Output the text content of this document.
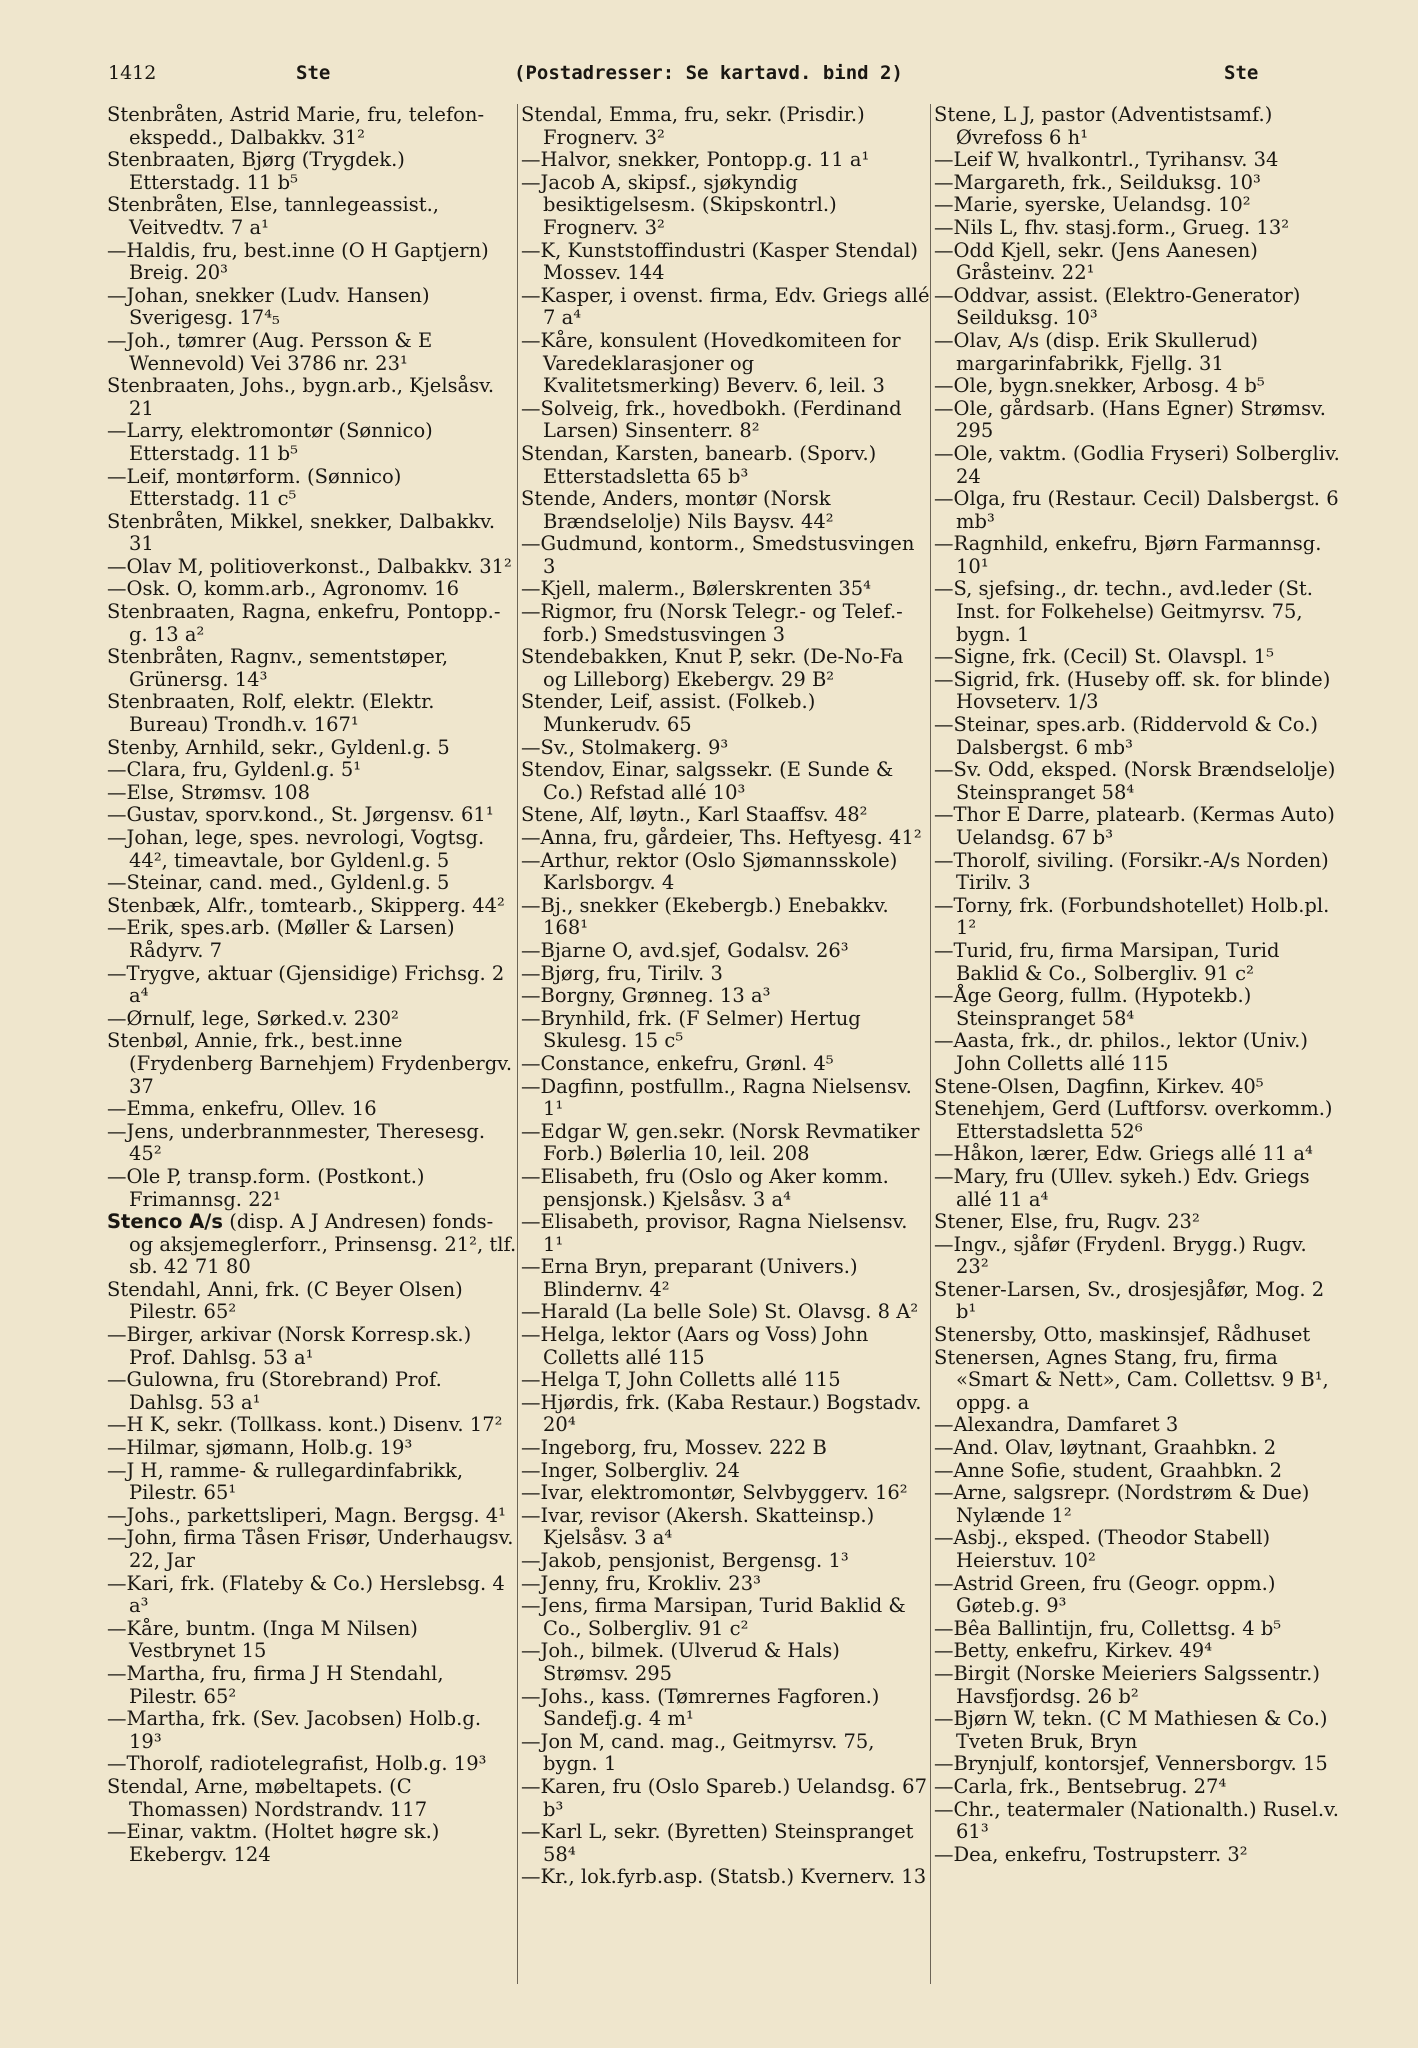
1412	Ste	(Postadresser: Se kartavd. bind 2)	Ste

Stenbråten, Astrid Marie, fru, telefon-ekspedd., Dalbakkv. 31²

Stenbraaten, Bjørg (Trygdek.) Etterstadg. 11 b⁵

Stenbråten, Else, tannlegeassist., Veitvedtv. 7 a¹

—Haldis, fru, best.inne (O H Gaptjern) Breig. 20³

—Johan, snekker (Ludv. Hansen) Sverigesg. 17⁴₅

—Joh., tømrer (Aug. Persson & E Wennevold) Vei 3786 nr. 23¹

Stenbraaten, Johs., bygn.arb., Kjelsåsv. 21

—Larry, elektromontør (Sønnico) Etterstadg. 11 b⁵

—Leif, montørform. (Sønnico) Etterstadg. 11 c⁵

Stenbråten, Mikkel, snekker, Dalbakkv. 31

—Olav M, politioverkonst., Dalbakkv. 31²

—Osk. O, komm.arb., Agronomv. 16

Stenbraaten, Ragna, enkefru, Pontopp.-g. 13 a²

Stenbråten, Ragnv., sementstøper, Grünersg. 14³

Stenbraaten, Rolf, elektr. (Elektr. Bureau) Trondh.v. 167¹

Stenby, Arnhild, sekr., Gyldenl.g. 5

—Clara, fru, Gyldenl.g. 5¹

—Else, Strømsv. 108

—Gustav, sporv.kond., St. Jørgensv. 61¹

—Johan, lege, spes. nevrologi, Vogtsg. 44², timeavtale, bor Gyldenl.g. 5

—Steinar, cand. med., Gyldenl.g. 5

Stenbæk, Alfr., tomtearb., Skipperg. 44²

—Erik, spes.arb. (Møller & Larsen) Rådyrv. 7

—Trygve, aktuar (Gjensidige) Frichsg. 2 a⁴

—Ørnulf, lege, Sørked.v. 230²

Stenbøl, Annie, frk., best.inne (Frydenberg Barnehjem) Frydenbergv. 37

—Emma, enkefru, Ollev. 16

—Jens, underbrannmester, Theresesg. 45²

—Ole P, transp.form. (Postkont.) Frimannsg. 22¹

Stenco A/s (disp. A J Andresen) fonds- og aksjemeglerforr., Prinsensg. 21², tlf. sb. 42 71 80

Stendahl, Anni, frk. (C Beyer Olsen) Pilestr. 65²

—Birger, arkivar (Norsk Korresp.sk.) Prof. Dahlsg. 53 a¹

—Gulowna, fru (Storebrand) Prof. Dahlsg. 53 a¹

—H K, sekr. (Tollkass. kont.) Disenv. 17²

—Hilmar, sjømann, Holb.g. 19³

—J H, ramme- & rullegardinfabrikk, Pilestr. 65¹

—Johs., parkettsliperi, Magn. Bergsg. 4¹

—John, firma Tåsen Frisør, Underhaugsv. 22, Jar

—Kari, frk. (Flateby & Co.) Herslebsg. 4 a³

—Kåre, buntm. (Inga M Nilsen) Vestbrynet 15

—Martha, fru, firma J H Stendahl, Pilestr. 65²

—Martha, frk. (Sev. Jacobsen) Holb.g. 19³

—Thorolf, radiotelegrafist, Holb.g. 19³

Stendal, Arne, møbeltapets. (C Thomassen) Nordstrandv. 117

—Einar, vaktm. (Holtet høgre sk.) Ekebergv. 124

Stendal, Emma, fru, sekr. (Prisdir.) Frognerv. 3²

—Halvor, snekker, Pontopp.g. 11 a¹

—Jacob A, skipsf., sjøkyndig besiktigelsesm. (Skipskontrl.) Frognerv. 3²

—K, Kunststoffindustri (Kasper Stendal) Mossev. 144

—Kasper, i ovenst. firma, Edv. Griegs allé 7 a⁴

—Kåre, konsulent (Hovedkomiteen for Varedeklarasjoner og Kvalitetsmerking) Beverv. 6, leil. 3

—Solveig, frk., hovedbokh. (Ferdinand Larsen) Sinsenterr. 8²

Stendan, Karsten, banearb. (Sporv.) Etterstadsletta 65 b³

Stende, Anders, montør (Norsk Brændselolje) Nils Baysv. 44²

—Gudmund, kontorm., Smedstusvingen 3

—Kjell, malerm., Bølerskrenten 35⁴

—Rigmor, fru (Norsk Telegr.- og Telef.-forb.) Smedstusvingen 3

Stendebakken, Knut P, sekr. (De-No-Fa og Lilleborg) Ekebergv. 29 B²

Stender, Leif, assist. (Folkeb.) Munkerudv. 65

—Sv., Stolmakerg. 9³

Stendov, Einar, salgssekr. (E Sunde & Co.) Refstad allé 10³

Stene, Alf, løytn., Karl Staaffsv. 48²

—Anna, fru, gårdeier, Ths. Heftyesg. 41²

—Arthur, rektor (Oslo Sjømannsskole) Karlsborgv. 4

—Bj., snekker (Ekebergb.) Enebakkv. 168¹

—Bjarne O, avd.sjef, Godalsv. 26³

—Bjørg, fru, Tirilv. 3

—Borgny, Grønneg. 13 a³

—Brynhild, frk. (F Selmer) Hertug Skulesg. 15 c⁵

—Constance, enkefru, Grønl. 4⁵

—Dagfinn, postfullm., Ragna Nielsensv. 1¹

—Edgar W, gen.sekr. (Norsk Revmatiker Forb.) Bølerlia 10, leil. 208

—Elisabeth, fru (Oslo og Aker komm. pensjonsk.) Kjelsåsv. 3 a⁴

—Elisabeth, provisor, Ragna Nielsensv. 1¹

—Erna Bryn, preparant (Univers.) Blindernv. 4²

—Harald (La belle Sole) St. Olavsg. 8 A²

—Helga, lektor (Aars og Voss) John Colletts allé 115

—Helga T, John Colletts allé 115

—Hjørdis, frk. (Kaba Restaur.) Bogstadv. 20⁴

—Ingeborg, fru, Mossev. 222 B

—Inger, Solbergliv. 24

—Ivar, elektromontør, Selvbyggerv. 16²

—Ivar, revisor (Akersh. Skatteinsp.) Kjelsåsv. 3 a⁴

—Jakob, pensjonist, Bergensg. 1³

—Jenny, fru, Krokliv. 23³

—Jens, firma Marsipan, Turid Baklid & Co., Solbergliv. 91 c²

—Joh., bilmek. (Ulverud & Hals) Strømsv. 295

—Johs., kass. (Tømrernes Fagforen.) Sandefj.g. 4 m¹

—Jon M, cand. mag., Geitmyrsv. 75, bygn. 1

—Karen, fru (Oslo Spareb.) Uelandsg. 67 b³

—Karl L, sekr. (Byretten) Steinspranget 58⁴

—Kr., lok.fyrb.asp. (Statsb.) Kvernerv. 13

Stene, L J, pastor (Adventistsamf.) Øvrefoss 6 h¹

—Leif W, hvalkontrl., Tyrihansv. 34

—Margareth, frk., Seilduksg. 10³

—Marie, syerske, Uelandsg. 10²

—Nils L, fhv. stasj.form., Grueg. 13²

—Odd Kjell, sekr. (Jens Aanesen) Gråsteinv. 22¹

—Oddvar, assist. (Elektro-Generator) Seilduksg. 10³

—Olav, A/s (disp. Erik Skullerud) margarinfabrikk, Fjellg. 31

—Ole, bygn.snekker, Arbosg. 4 b⁵

—Ole, gårdsarb. (Hans Egner) Strømsv. 295

—Ole, vaktm. (Godlia Fryseri) Solbergliv. 24

—Olga, fru (Restaur. Cecil) Dalsbergst. 6 mb³

—Ragnhild, enkefru, Bjørn Farmannsg. 10¹

—S, sjefsing., dr. techn., avd.leder (St. Inst. for Folkehelse) Geitmyrsv. 75, bygn. 1

—Signe, frk. (Cecil) St. Olavspl. 1⁵

—Sigrid, frk. (Huseby off. sk. for blinde) Hovseterv. 1/3

—Steinar, spes.arb. (Riddervold & Co.) Dalsbergst. 6 mb³

—Sv. Odd, eksped. (Norsk Brændselolje) Steinspranget 58⁴

—Thor E Darre, platearb. (Kermas Auto) Uelandsg. 67 b³

—Thorolf, siviling. (Forsikr.-A/s Norden) Tirilv. 3

—Torny, frk. (Forbundshotellet) Holb.pl. 1²

—Turid, fru, firma Marsipan, Turid Baklid & Co., Solbergliv. 91 c²

—Åge Georg, fullm. (Hypotekb.) Steinspranget 58⁴

—Aasta, frk., dr. philos., lektor (Univ.) John Colletts allé 115

Stene-Olsen, Dagfinn, Kirkev. 40⁵

Stenehjem, Gerd (Luftforsv. overkomm.) Etterstadsletta 52⁶

—Håkon, lærer, Edw. Griegs allé 11 a⁴

—Mary, fru (Ullev. sykeh.) Edv. Griegs allé 11 a⁴

Stener, Else, fru, Rugv. 23²

—Ingv., sjåfør (Frydenl. Brygg.) Rugv. 23²

Stener-Larsen, Sv., drosjesjåfør, Mog. 2 b¹

Stenersby, Otto, maskinsjef, Rådhuset

Stenersen, Agnes Stang, fru, firma «Smart & Nett», Cam. Collettsv. 9 B¹, oppg. a

—Alexandra, Damfaret 3

—And. Olav, løytnant, Graahbkn. 2

—Anne Sofie, student, Graahbkn. 2

—Arne, salgsrepr. (Nordstrøm & Due) Nylænde 1²

—Asbj., eksped. (Theodor Stabell) Heierstuv. 10²

—Astrid Green, fru (Geogr. oppm.) Gøteb.g. 9³

—Bêa Ballintijn, fru, Collettsg. 4 b⁵

—Betty, enkefru, Kirkev. 49⁴

—Birgit (Norske Meieriers Salgssentr.) Havsfjordsg. 26 b²

—Bjørn W, tekn. (C M Mathiesen & Co.) Tveten Bruk, Bryn

—Brynjulf, kontorsjef, Vennersborgv. 15

—Carla, frk., Bentsebrug. 27⁴

—Chr., teatermaler (Nationalth.) Rusel.v. 61³

—Dea, enkefru, Tostrupsterr. 3²
